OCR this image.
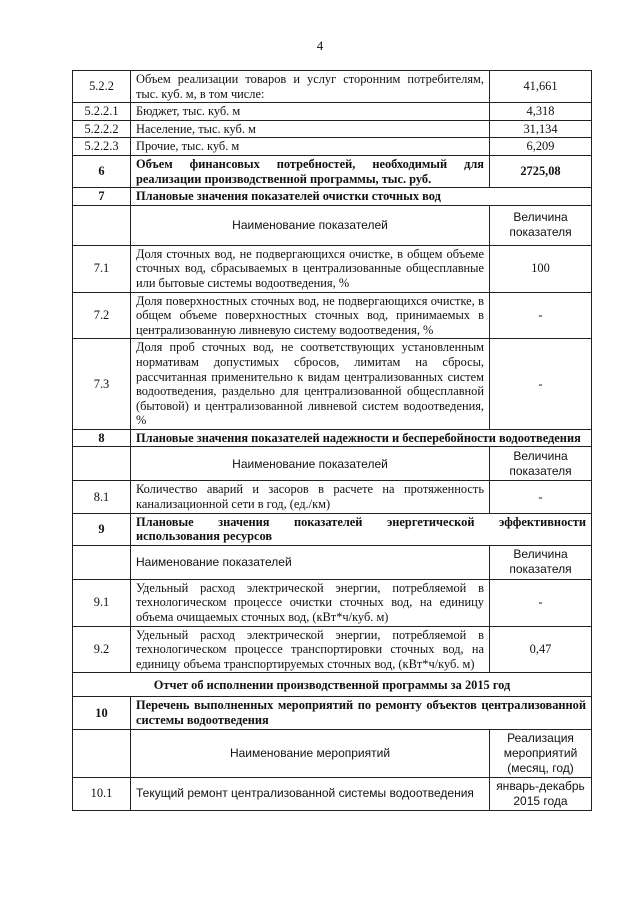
4
5.2.2	Объем реализации товаров и услуг сторонним потребителям, тыс. куб. м, в том числе:	41,661
5.2.2.1	Бюджет, тыс. куб. м	4,318
5.2.2.2	Население, тыс. куб. м	31,134
5.2.2.3	Прочие, тыс. куб. м	6,209
6	Объем финансовых потребностей, необходимый для реализации производственной программы, тыс. руб.	2725,08
7	Плановые значения показателей очистки сточных вод	
	Наименование показателей	Величина показателя
7.1	Доля сточных вод, не подвергающихся очистке, в общем объеме сточных вод, сбрасываемых в централизованные общесплавные или бытовые системы водоотведения, %	100
7.2	Доля поверхностных сточных вод, не подвергающихся очистке, в общем объеме поверхностных сточных вод, принимаемых в централизованную ливневую систему водоотведения, %	-
7.3	Доля проб сточных вод, не соответствующих установленным нормативам допустимых сбросов, лимитам на сбросы, рассчитанная применительно к видам централизованных систем водоотведения, раздельно для централизованной общесплавной (бытовой) и централизованной ливневой систем водоотведения, %	-
8	Плановые значения показателей надежности и бесперебойности водоотведения	
	Наименование показателей	Величина показателя
8.1	Количество аварий и засоров в расчете на протяженность канализационной сети в год, (ед./км)	-
9	Плановые значения показателей энергетической эффективности использования ресурсов	
	Наименование показателей	Величина показателя
9.1	Удельный расход электрической энергии, потребляемой в технологическом процессе очистки сточных вод, на единицу объема очищаемых сточных вод, (кВт*ч/куб. м)	-
9.2	Удельный расход электрической энергии, потребляемой в технологическом процессе транспортировки сточных вод, на единицу объема транспортируемых сточных вод, (кВт*ч/куб. м)	0,47
Отчет об исполнении производственной программы за 2015 год		
10	Перечень выполненных мероприятий по ремонту объектов централизованной системы водоотведения	
	Наименование мероприятий	Реализация мероприятий (месяц, год)
10.1	Текущий ремонт централизованной системы водоотведения	январь-декабрь 2015 года
